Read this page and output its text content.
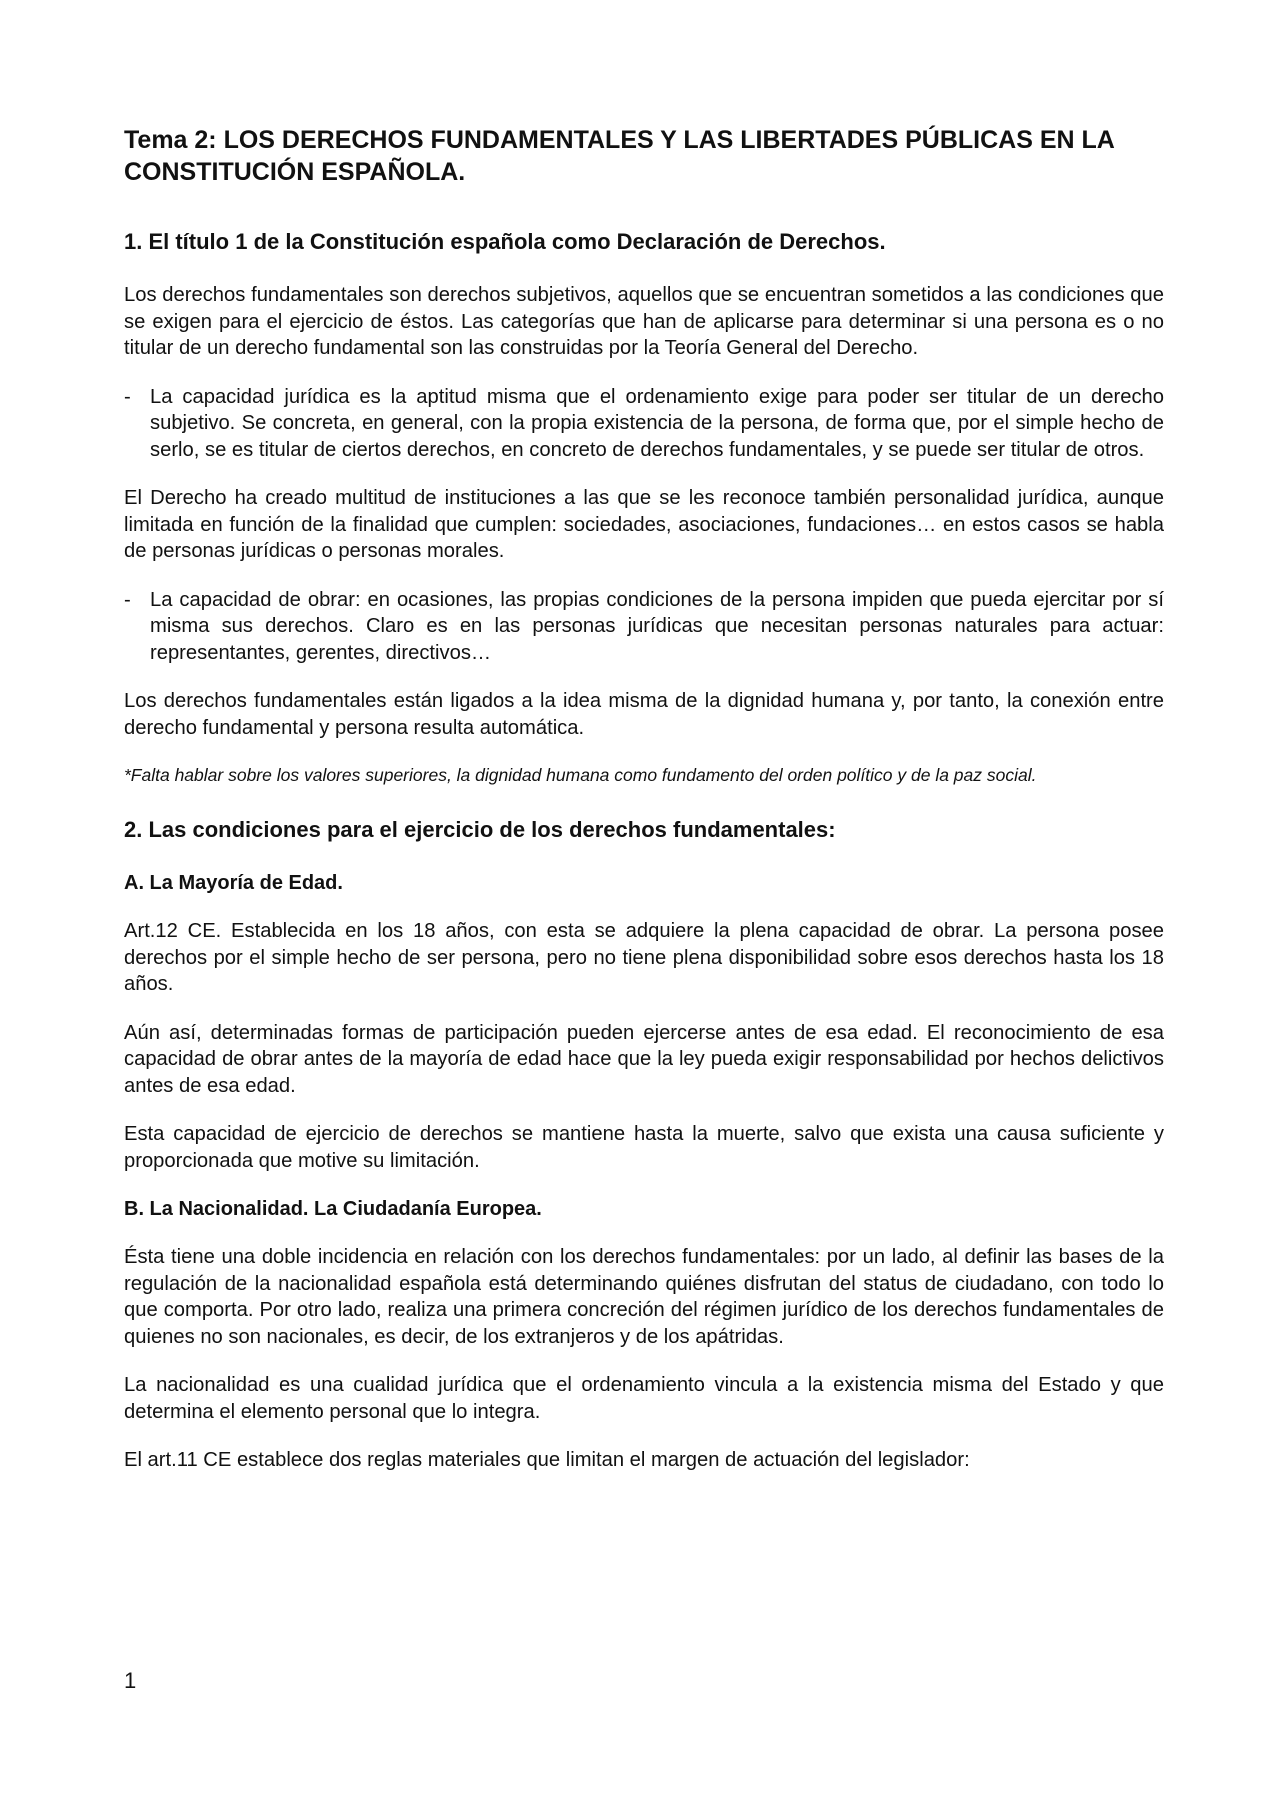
Tema 2: LOS DERECHOS FUNDAMENTALES Y LAS LIBERTADES PÚBLICAS EN LA CONSTITUCIÓN ESPAÑOLA.
1. El título 1 de la Constitución española como Declaración de Derechos.

Los derechos fundamentales son derechos subjetivos, aquellos que se encuentran sometidos a las condiciones que se exigen para el ejercicio de éstos. Las categorías que han de aplicarse para determinar si una persona es o no titular de un derecho fundamental son las construidas por la Teoría General del Derecho.

- La capacidad jurídica es la aptitud misma que el ordenamiento exige para poder ser titular de un derecho subjetivo. Se concreta, en general, con la propia existencia de la persona, de forma que, por el simple hecho de serlo, se es titular de ciertos derechos, en concreto de derechos fundamentales, y se puede ser titular de otros.

El Derecho ha creado multitud de instituciones a las que se les reconoce también personalidad jurídica, aunque limitada en función de la finalidad que cumplen: sociedades, asociaciones, fundaciones… en estos casos se habla de personas jurídicas o personas morales.

- La capacidad de obrar: en ocasiones, las propias condiciones de la persona impiden que pueda ejercitar por sí misma sus derechos. Claro es en las personas jurídicas que necesitan personas naturales para actuar: representantes, gerentes, directivos…

Los derechos fundamentales están ligados a la idea misma de la dignidad humana y, por tanto, la conexión entre derecho fundamental y persona resulta automática.

*Falta hablar sobre los valores superiores, la dignidad humana como fundamento del orden político y de la paz social.

2. Las condiciones para el ejercicio de los derechos fundamentales:
A. La Mayoría de Edad.

Art.12 CE. Establecida en los 18 años, con esta se adquiere la plena capacidad de obrar. La persona posee derechos por el simple hecho de ser persona, pero no tiene plena disponibilidad sobre esos derechos hasta los 18 años.

Aún así, determinadas formas de participación pueden ejercerse antes de esa edad. El reconocimiento de esa capacidad de obrar antes de la mayoría de edad hace que la ley pueda exigir responsabilidad por hechos delictivos antes de esa edad.

Esta capacidad de ejercicio de derechos se mantiene hasta la muerte, salvo que exista una causa suficiente y proporcionada que motive su limitación.

B. La Nacionalidad. La Ciudadanía Europea.

Ésta tiene una doble incidencia en relación con los derechos fundamentales: por un lado, al definir las bases de la regulación de la nacionalidad española está determinando quiénes disfrutan del status de ciudadano, con todo lo que comporta. Por otro lado, realiza una primera concreción del régimen jurídico de los derechos fundamentales de quienes no son nacionales, es decir, de los extranjeros y de los apátridas.

La nacionalidad es una cualidad jurídica que el ordenamiento vincula a la existencia misma del Estado y que determina el elemento personal que lo integra.

El art.11 CE establece dos reglas materiales que limitan el margen de actuación del legislador:

1
